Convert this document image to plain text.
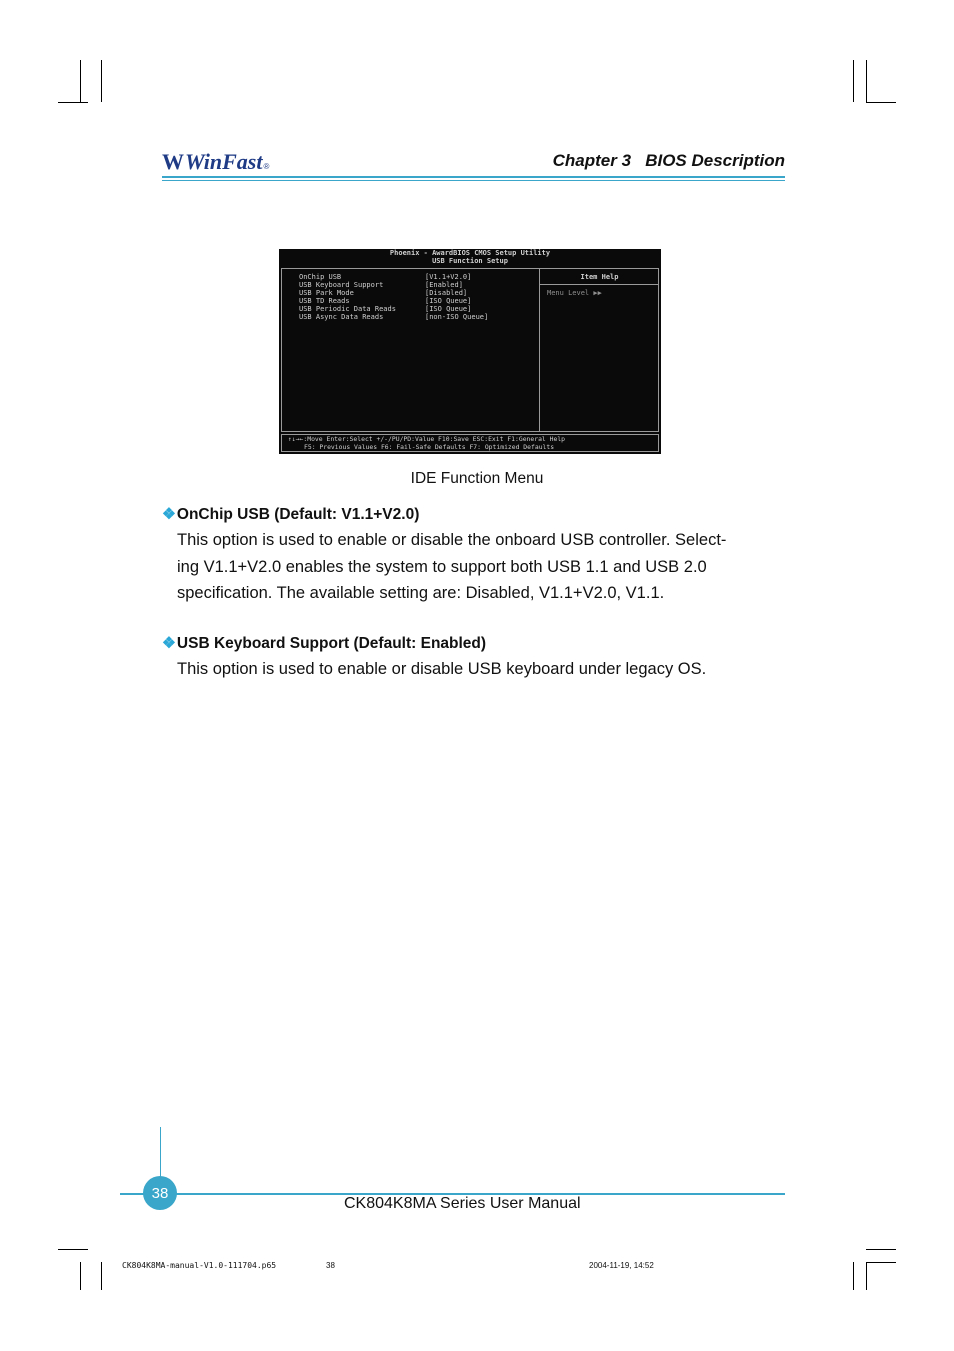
W WinFast ®	Chapter 3   BIOS Description
Phoenix - AwardBIOS CMOS Setup Utility
USB Function Setup
OnChip USB	[V1.1+V2.0]
USB Keyboard Support	[Enabled]
USB Park Mode	[Disabled]
USB TD Reads	[ISO Queue]
USB Periodic Data Reads	[ISO Queue]
USB Async Data Reads	[non-ISO Queue]
Item Help
Menu Level ▶▶
↑↓→←:Move Enter:Select +/-/PU/PD:Value F10:Save ESC:Exit F1:General Help
F5: Previous Values F6: Fail-Safe Defaults F7: Optimized Defaults
IDE Function Menu
❖OnChip USB (Default: V1.1+V2.0)
This option is used to enable or disable the onboard USB controller. Select-
ing V1.1+V2.0 enables the system to support both USB 1.1 and USB 2.0
specification. The available setting are: Disabled, V1.1+V2.0, V1.1.
❖USB Keyboard Support (Default: Enabled)
This option is used to enable or disable USB keyboard under legacy OS.
38
CK804K8MA Series User Manual
CK804K8MA-manual-V1.0-111704.p65	38	2004-11-19, 14:52
